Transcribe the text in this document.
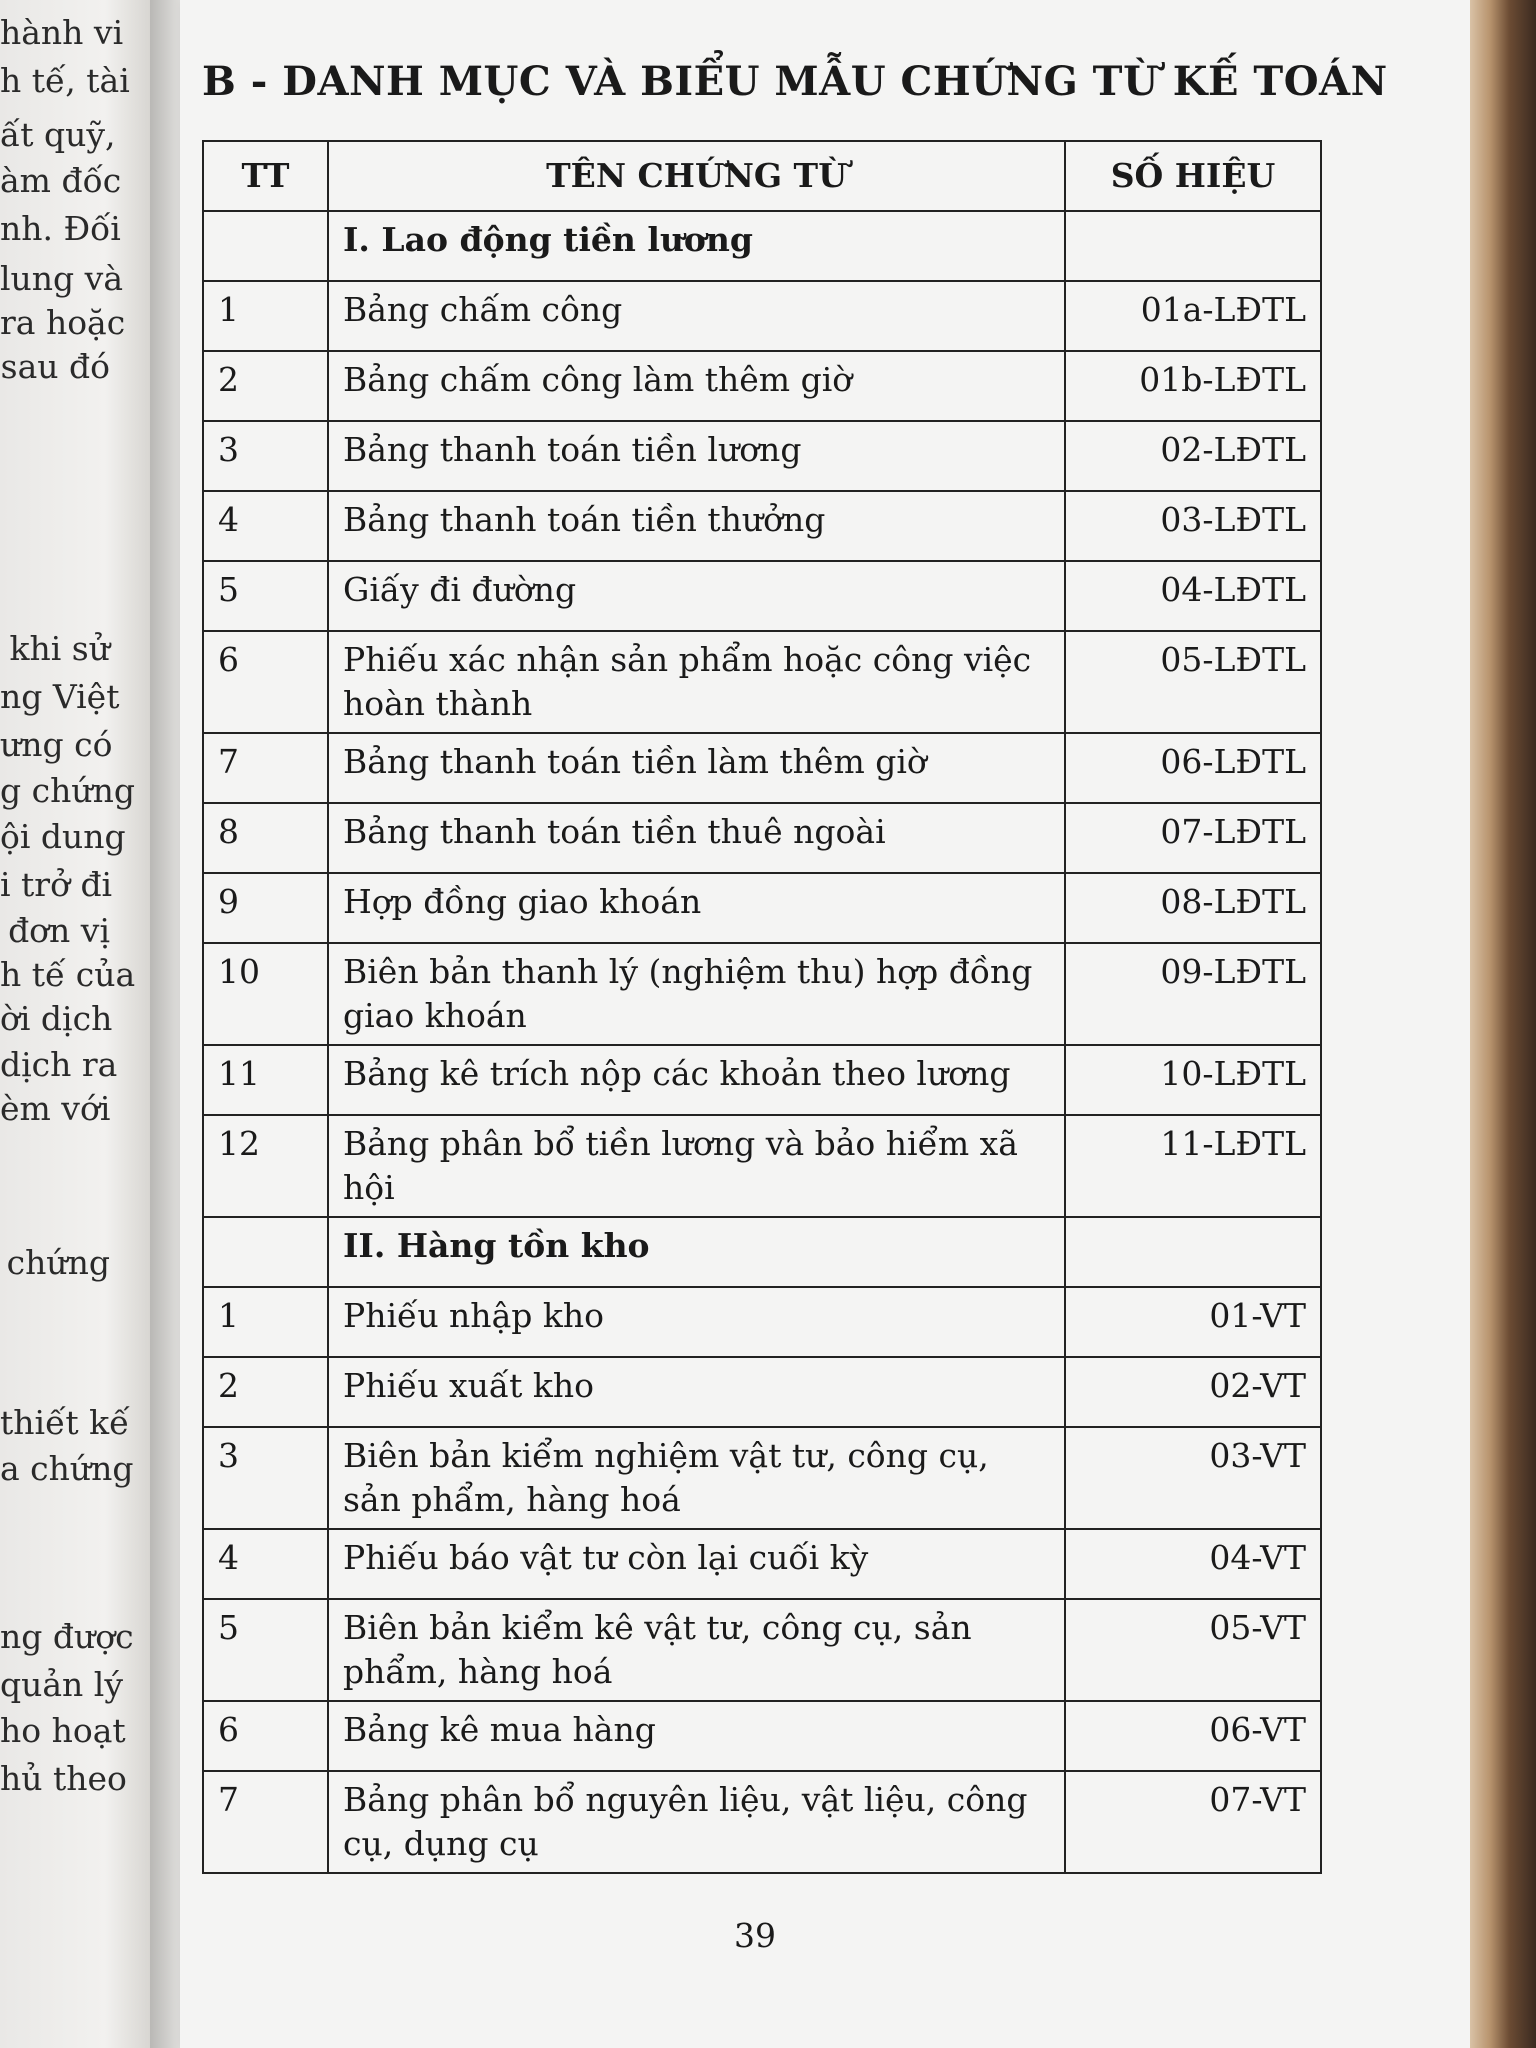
hành vi
h tế, tài
ất quỹ,
àm đốc
nh. Đối
lung và
ra hoặc
sau đó
khi sử
ng Việt
ưng có
g chứng
ội dung
i trở đi
đơn vị
h tế của
ời dịch
dịch ra
èm với
chứng
thiết kế
a chứng
ng được
quản lý
ho hoạt
hủ theo
B - DANH MỤC VÀ BIỂU MẪU CHỨNG TỪ KẾ TOÁN
TT	TÊN CHỨNG TỪ	SỐ HIỆU
	I. Lao động tiền lương	
1	Bảng chấm công	01a-LĐTL
2	Bảng chấm công làm thêm giờ	01b-LĐTL
3	Bảng thanh toán tiền lương	02-LĐTL
4	Bảng thanh toán tiền thưởng	03-LĐTL
5	Giấy đi đường	04-LĐTL
6	Phiếu xác nhận sản phẩm hoặc công việc hoàn thành	05-LĐTL
7	Bảng thanh toán tiền làm thêm giờ	06-LĐTL
8	Bảng thanh toán tiền thuê ngoài	07-LĐTL
9	Hợp đồng giao khoán	08-LĐTL
10	Biên bản thanh lý (nghiệm thu) hợp đồng giao khoán	09-LĐTL
11	Bảng kê trích nộp các khoản theo lương	10-LĐTL
12	Bảng phân bổ tiền lương và bảo hiểm xã hội	11-LĐTL
	II. Hàng tồn kho	
1	Phiếu nhập kho	01-VT
2	Phiếu xuất kho	02-VT
3	Biên bản kiểm nghiệm vật tư, công cụ, sản phẩm, hàng hoá	03-VT
4	Phiếu báo vật tư còn lại cuối kỳ	04-VT
5	Biên bản kiểm kê vật tư, công cụ, sản phẩm, hàng hoá	05-VT
6	Bảng kê mua hàng	06-VT
7	Bảng phân bổ nguyên liệu, vật liệu, công cụ, dụng cụ	07-VT
39
